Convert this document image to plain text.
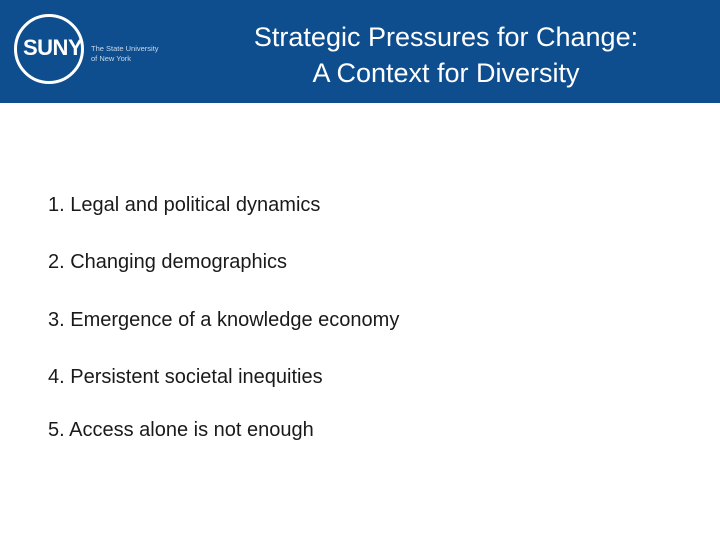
SUNY The State University
of New York
Strategic Pressures for Change:
A Context for Diversity
1. Legal and political dynamics
2. Changing demographics
3. Emergence of a knowledge economy
4. Persistent societal inequities
5. Access alone is not enough
